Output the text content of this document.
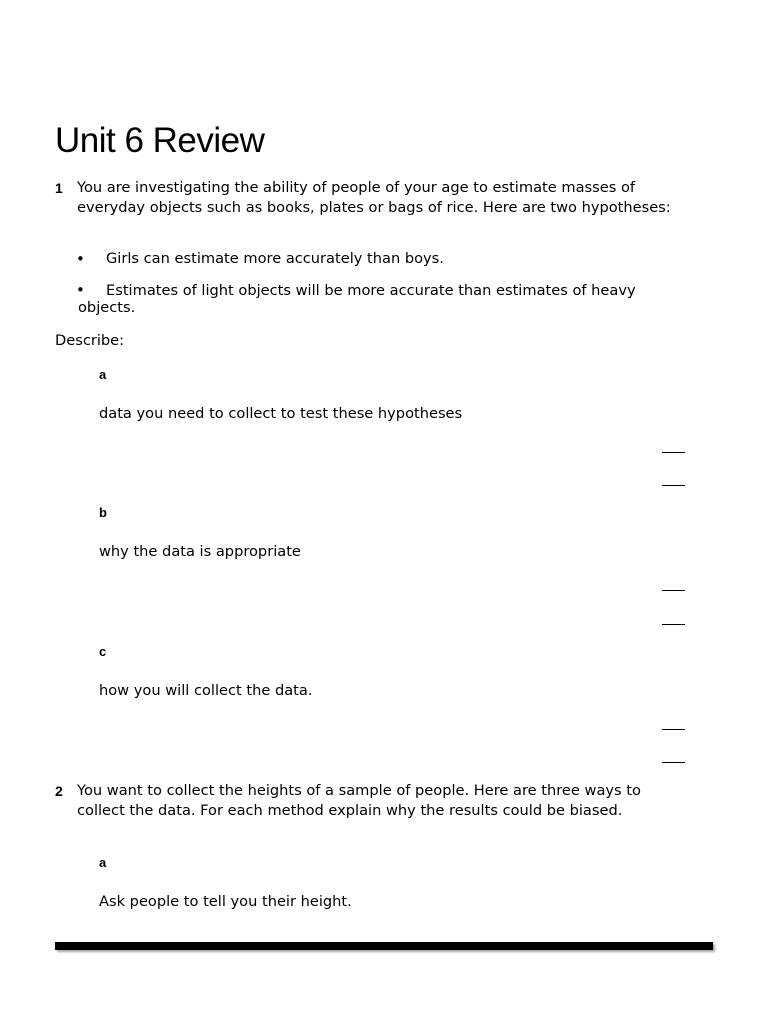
Unit 6 Review
1 You are investigating the ability of people of your age to estimate masses of everyday objects such as books, plates or bags of rice. Here are two hypotheses:
• Girls can estimate more accurately than boys.
• Estimates of light objects will be more accurate than estimates of heavy
objects.
Describe:
a
data you need to collect to test these hypotheses
b
why the data is appropriate
c
how you will collect the data.
2 You want to collect the heights of a sample of people. Here are three ways to collect the data. For each method explain why the results could be biased.
a
Ask people to tell you their height.
